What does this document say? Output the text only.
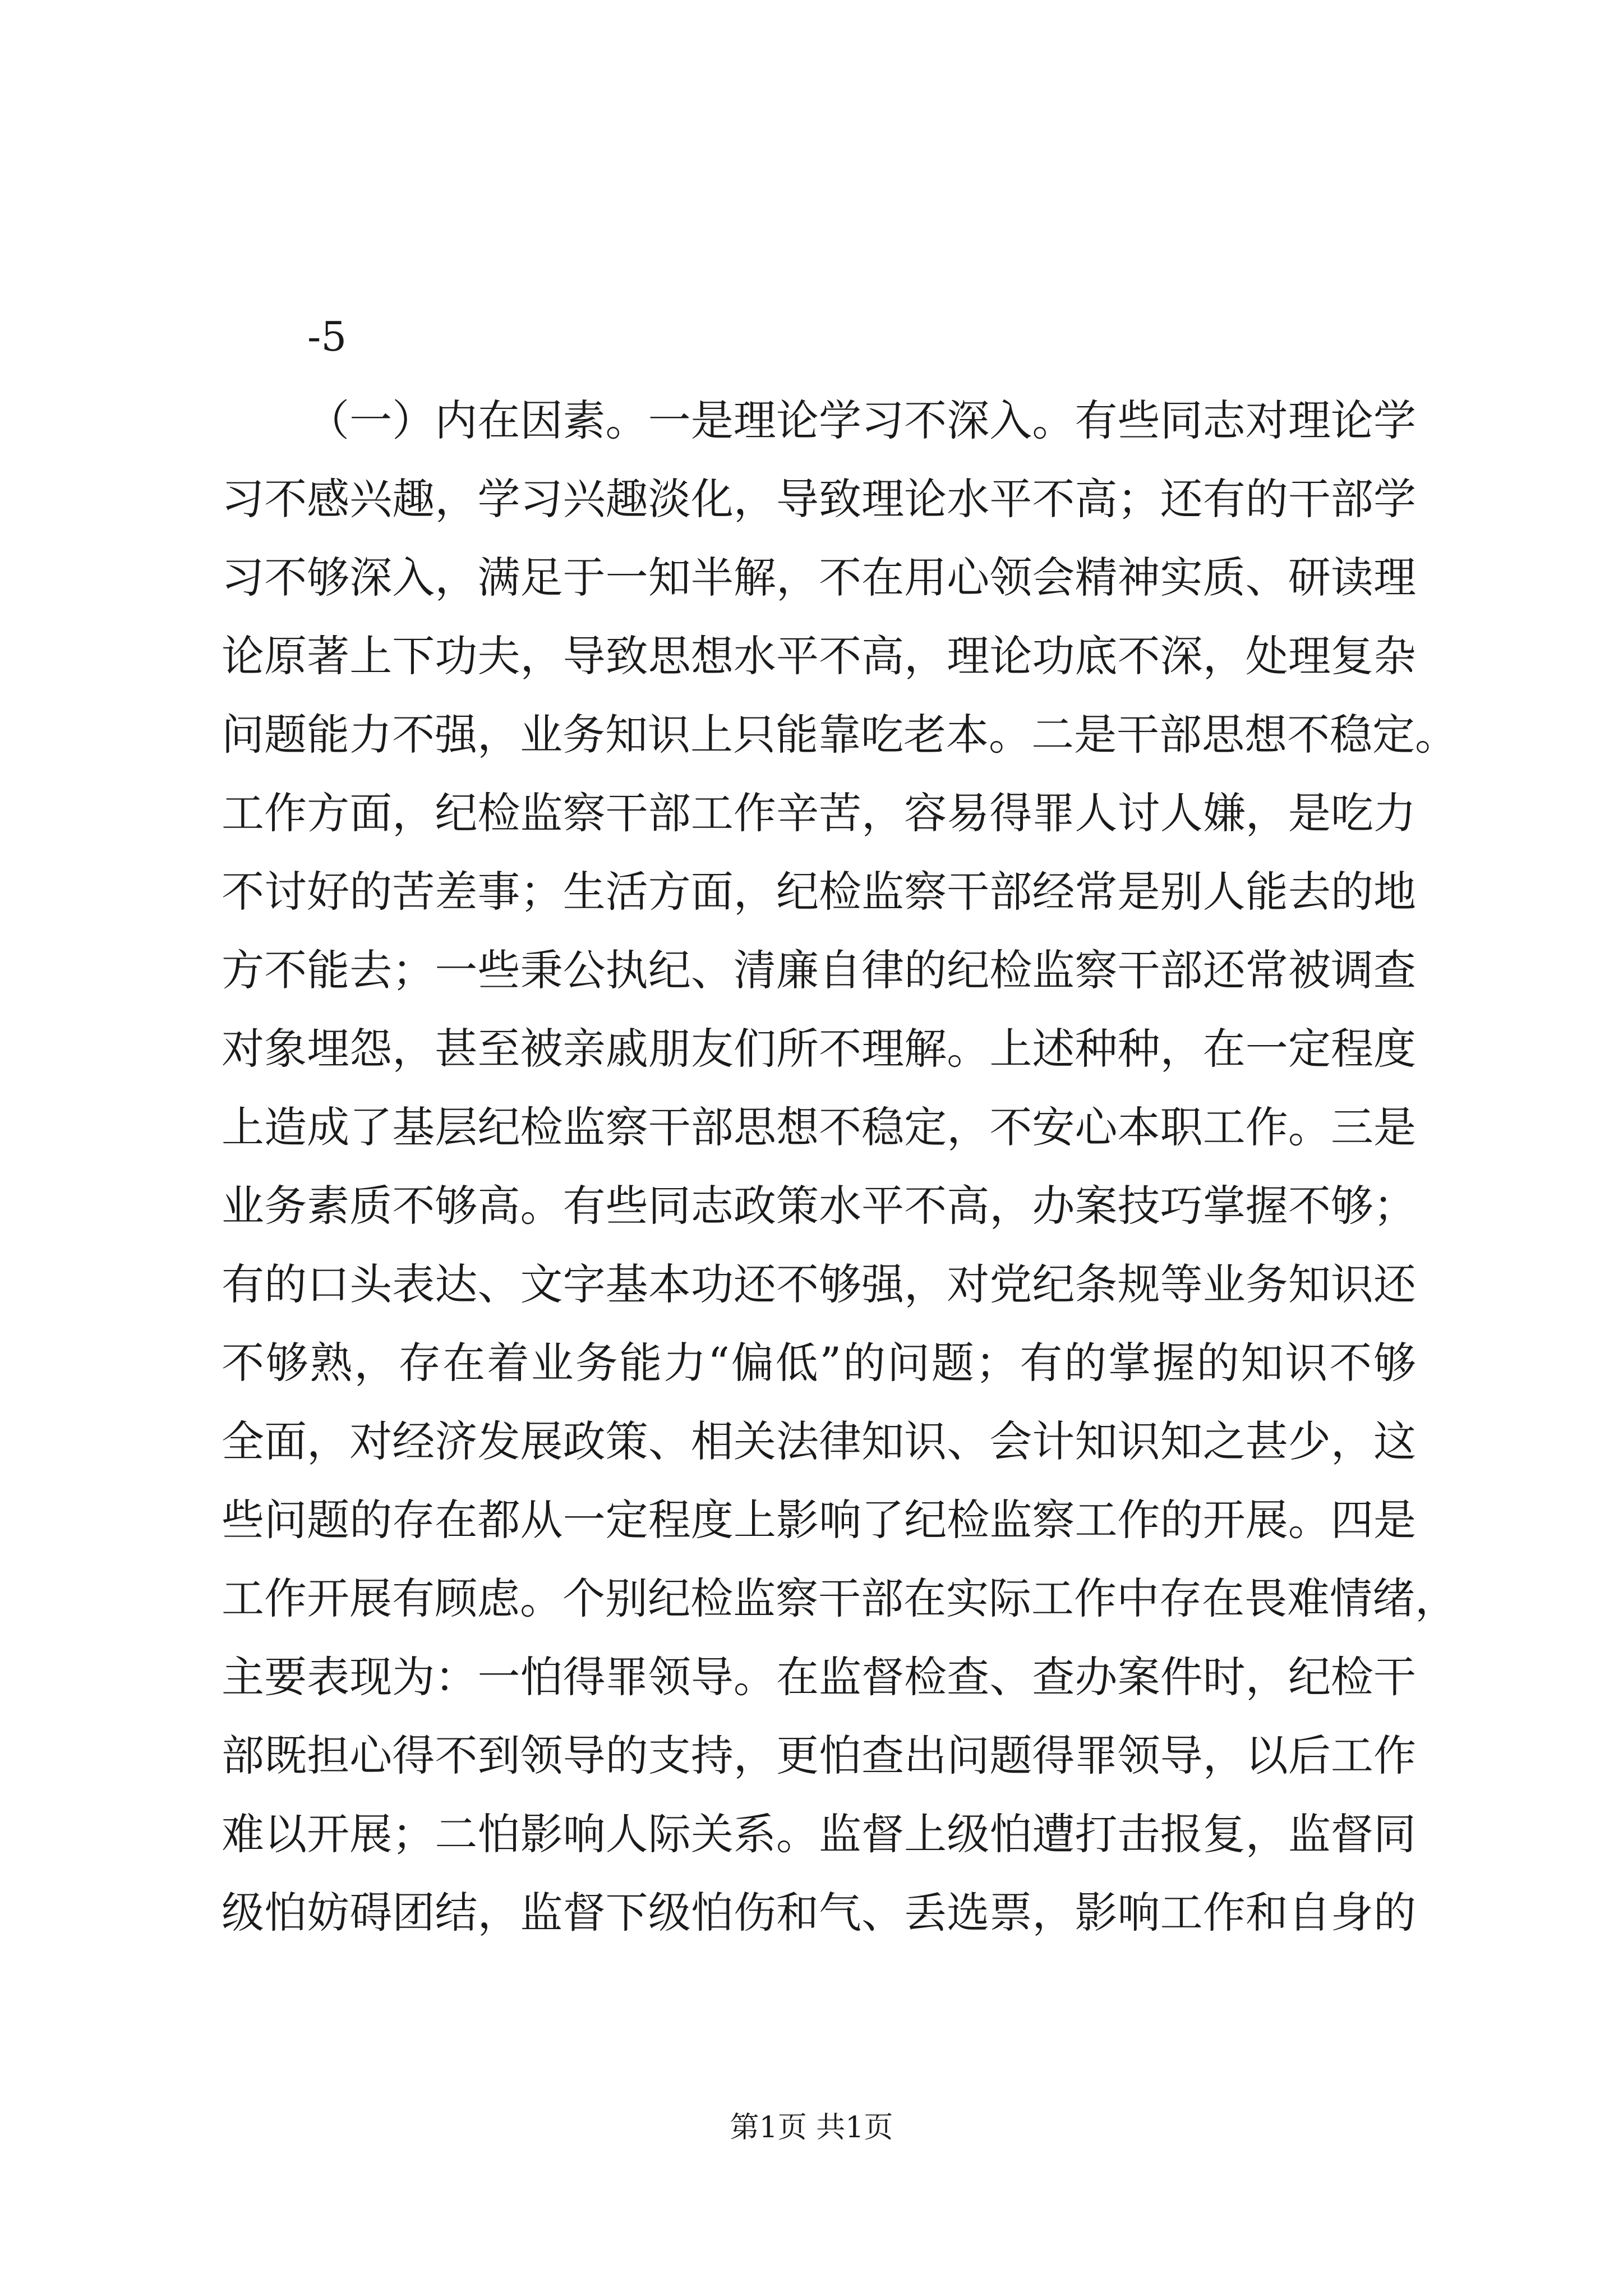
-5
（一）内在因素。一是理论学习不深入。有些同志对理论学
习不感兴趣，学习兴趣淡化，导致理论水平不高；还有的干部学
习不够深入，满足于一知半解，不在用心领会精神实质、研读理
论原著上下功夫，导致思想水平不高，理论功底不深，处理复杂
问题能力不强，业务知识上只能靠吃老本。二是干部思想不稳定。
工作方面，纪检监察干部工作辛苦，容易得罪人讨人嫌，是吃力
不讨好的苦差事；生活方面，纪检监察干部经常是别人能去的地
方不能去；一些秉公执纪、清廉自律的纪检监察干部还常被调查
对象埋怨，甚至被亲戚朋友们所不理解。上述种种，在一定程度
上造成了基层纪检监察干部思想不稳定，不安心本职工作。三是
业务素质不够高。有些同志政策水平不高，办案技巧掌握不够；
有的口头表达、文字基本功还不够强，对党纪条规等业务知识还
不够熟，存在着业务能力“偏低”的问题；有的掌握的知识不够
全面，对经济发展政策、相关法律知识、会计知识知之甚少，这
些问题的存在都从一定程度上影响了纪检监察工作的开展。四是
工作开展有顾虑。个别纪检监察干部在实际工作中存在畏难情绪，
主要表现为：一怕得罪领导。在监督检查、查办案件时，纪检干
部既担心得不到领导的支持，更怕查出问题得罪领导，以后工作
难以开展；二怕影响人际关系。监督上级怕遭打击报复，监督同
级怕妨碍团结，监督下级怕伤和气、丢选票，影响工作和自身的
第1页 共1页
